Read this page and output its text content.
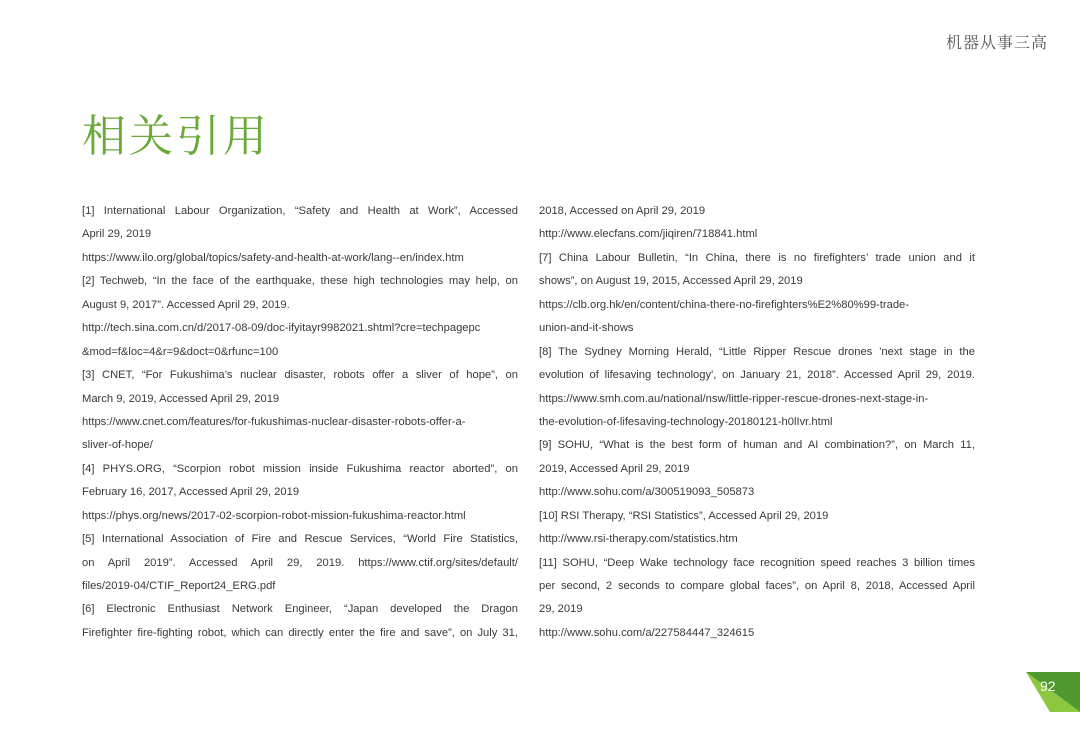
机器从事三高
相关引用
[1] International Labour Organization, “Safety and Health at Work”, Accessed
April 29, 2019
https://www.ilo.org/global/topics/safety-and-health-at-work/lang--en/index.htm
[2] Techweb, “In the face of the earthquake, these high technologies may help, on
August 9, 2017”. Accessed April 29, 2019.
http://tech.sina.com.cn/d/2017-08-09/doc-ifyitayr9982021.shtml?cre=techpagepc
&mod=f&loc=4&r=9&doct=0&rfunc=100
[3] CNET, “For Fukushima’s nuclear disaster, robots offer a sliver of hope”, on
March 9, 2019, Accessed April 29, 2019
https://www.cnet.com/features/for-fukushimas-nuclear-disaster-robots-offer-a-
sliver-of-hope/
[4] PHYS.ORG, “Scorpion robot mission inside Fukushima reactor aborted”, on
February 16, 2017, Accessed April 29, 2019
https://phys.org/news/2017-02-scorpion-robot-mission-fukushima-reactor.html
[5] International Association of Fire and Rescue Services, “World Fire Statistics,
on April 2019”. Accessed April 29, 2019. https://www.ctif.org/sites/default/
files/2019-04/CTIF_Report24_ERG.pdf
[6] Electronic Enthusiast Network Engineer, “Japan developed the Dragon
Firefighter fire-fighting robot, which can directly enter the fire and save”, on July 31,
2018, Accessed on April 29, 2019
http://www.elecfans.com/jiqiren/718841.html
[7] China Labour Bulletin, “In China, there is no firefighters’ trade union and it
shows”, on August 19, 2015, Accessed April 29, 2019
https://clb.org.hk/en/content/china-there-no-firefighters%E2%80%99-trade-
union-and-it-shows
[8] The Sydney Morning Herald, “Little Ripper Rescue drones 'next stage in the
evolution of lifesaving technology', on January 21, 2018”. Accessed April 29, 2019.
https://www.smh.com.au/national/nsw/little-ripper-rescue-drones-next-stage-in-
the-evolution-of-lifesaving-technology-20180121-h0lIvr.html
[9] SOHU, “What is the best form of human and AI combination?”, on March 11,
2019, Accessed April 29, 2019
http://www.sohu.com/a/300519093_505873
[10] RSI Therapy, “RSI Statistics”, Accessed April 29, 2019
http://www.rsi-therapy.com/statistics.htm
[11] SOHU, “Deep Wake technology face recognition speed reaches 3 billion times
per second, 2 seconds to compare global faces”, on April 8, 2018, Accessed April
29, 2019
http://www.sohu.com/a/227584447_324615
92
